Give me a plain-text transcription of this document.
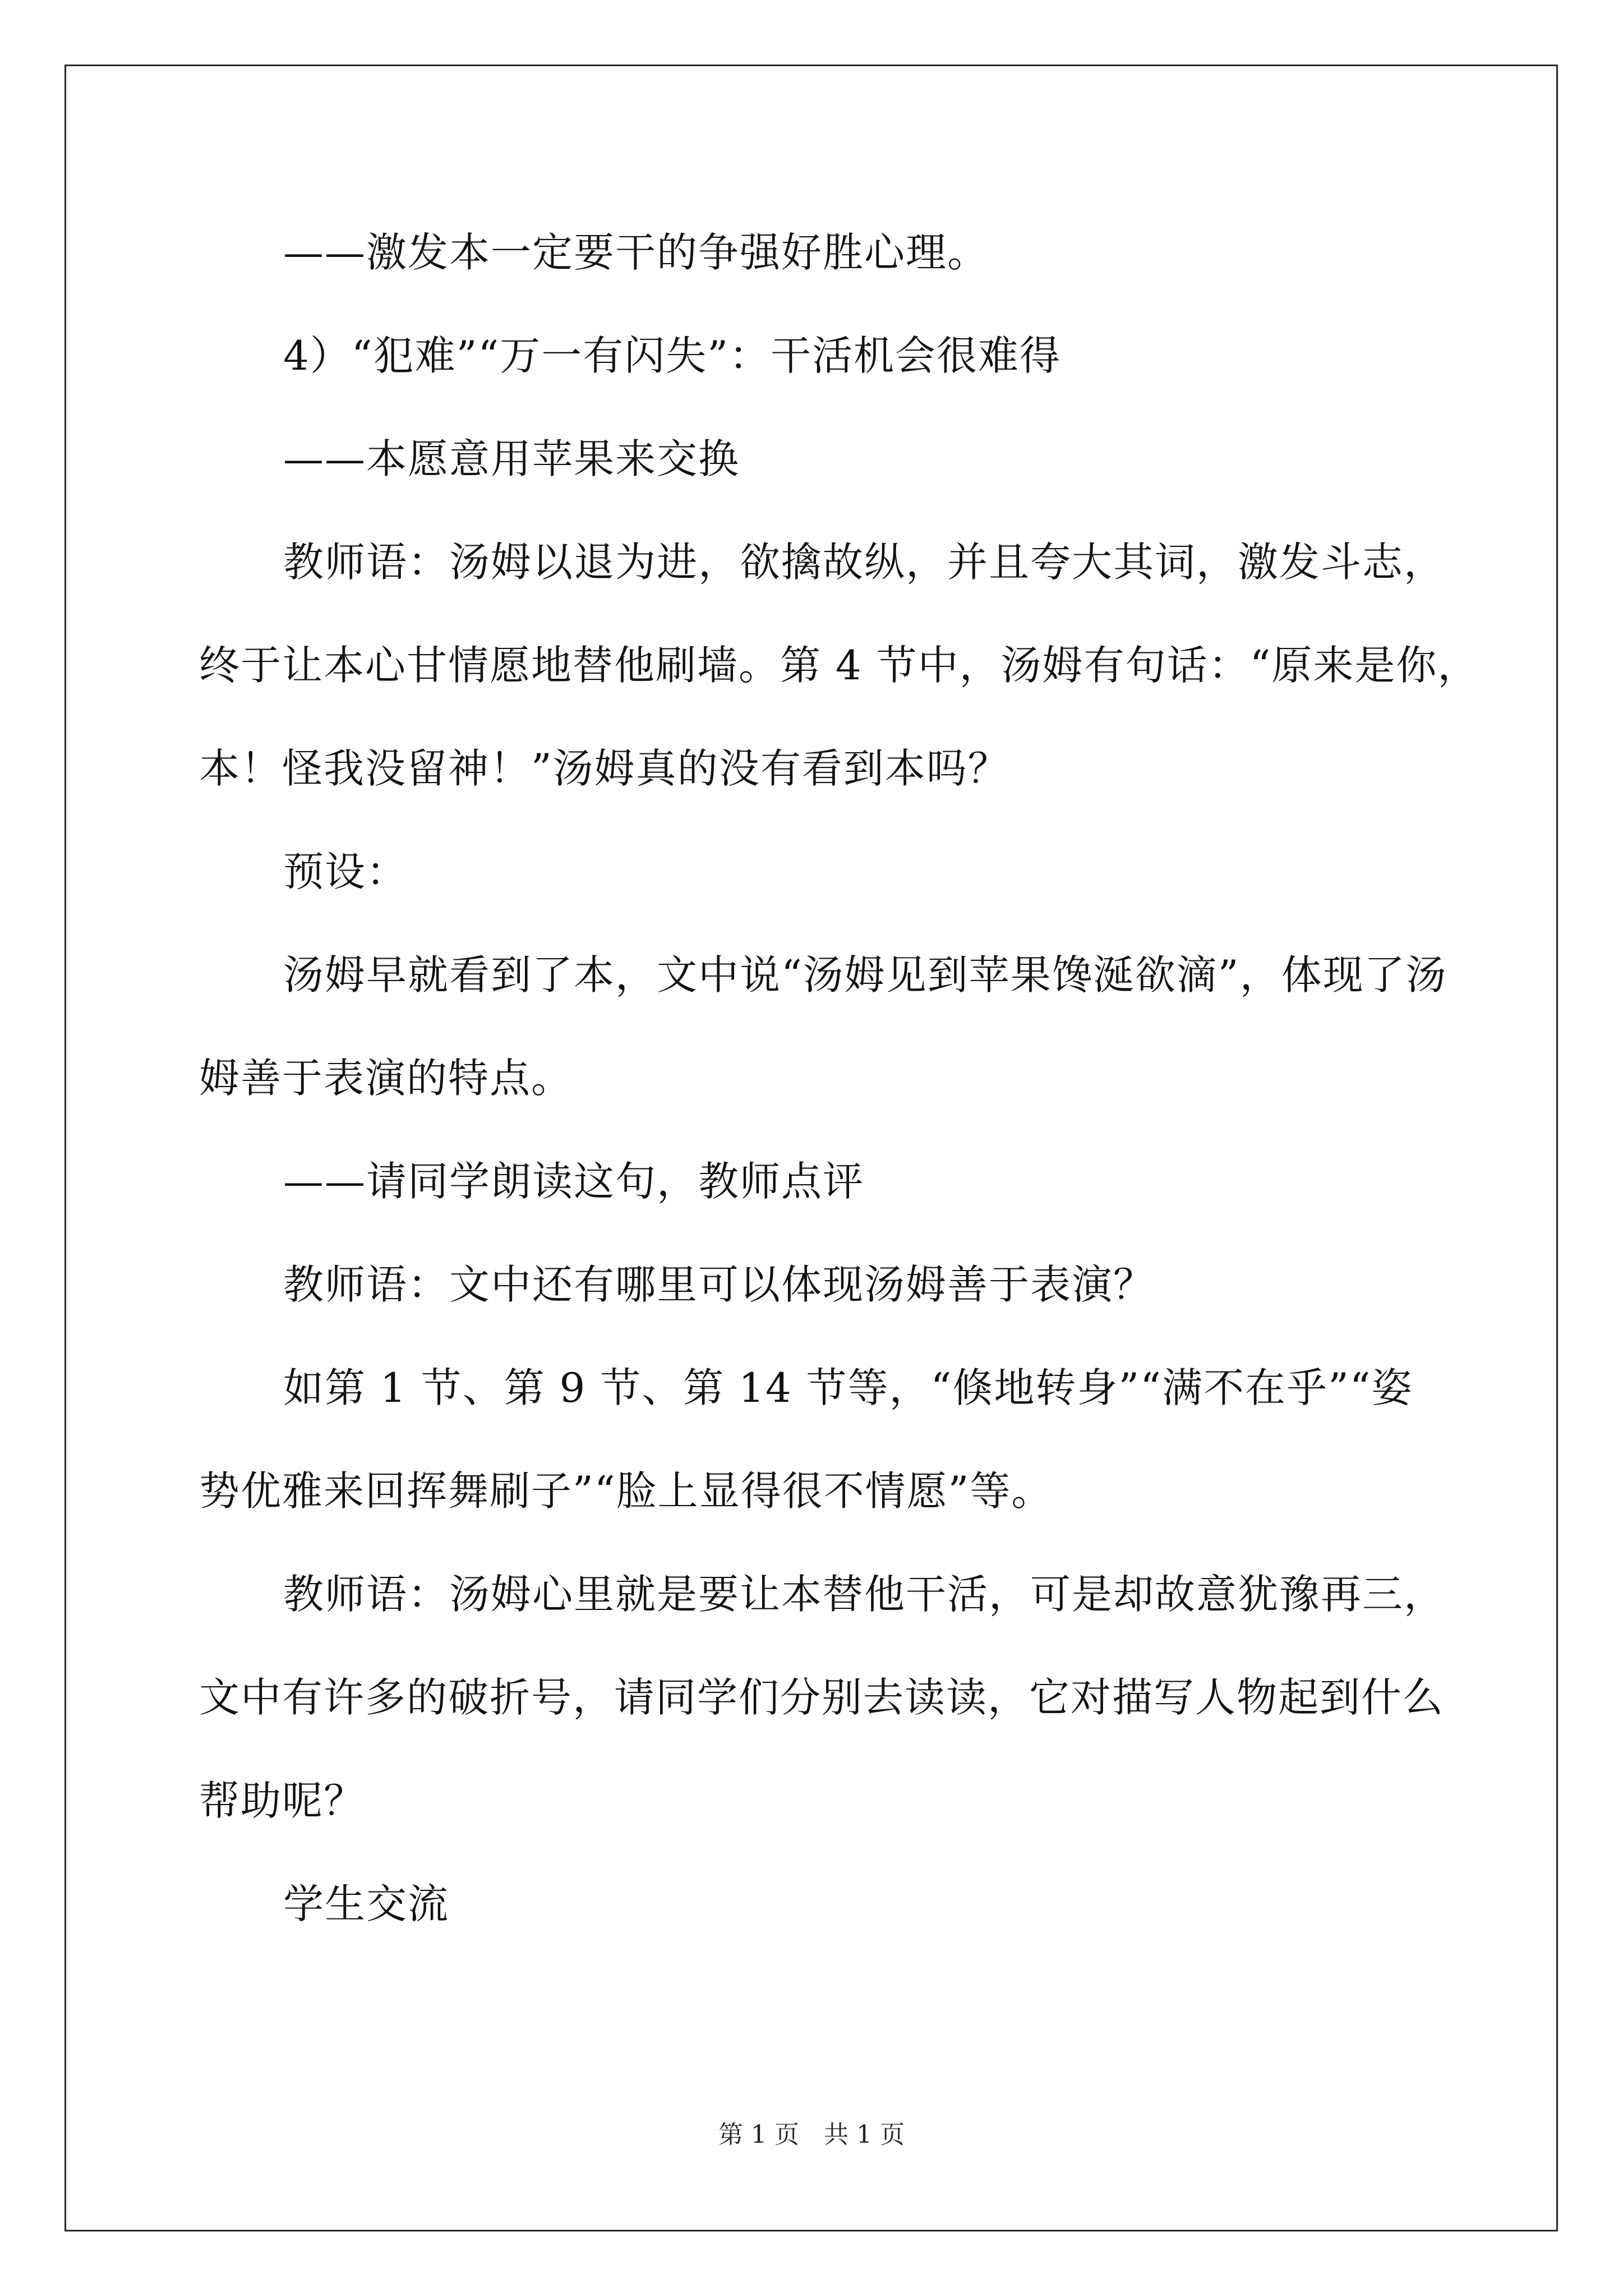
——激发本一定要干的争强好胜心理。
4）“犯难”“万一有闪失”：干活机会很难得
——本愿意用苹果来交换
教师语：汤姆以退为进，欲擒故纵，并且夸大其词，激发斗志，
终于让本心甘情愿地替他刷墙。第 4 节中，汤姆有句话：“原来是你，
本！怪我没留神！”汤姆真的没有看到本吗？
预设：
汤姆早就看到了本，文中说“汤姆见到苹果馋涎欲滴”，体现了汤
姆善于表演的特点。
——请同学朗读这句，教师点评
教师语：文中还有哪里可以体现汤姆善于表演？
如第 1 节、第 9 节、第 14 节等，“倏地转身”“满不在乎”“姿
势优雅来回挥舞刷子”“脸上显得很不情愿”等。
教师语：汤姆心里就是要让本替他干活，可是却故意犹豫再三，
文中有许多的破折号，请同学们分别去读读，它对描写人物起到什么
帮助呢？
学生交流
第 1 页　共 1 页
